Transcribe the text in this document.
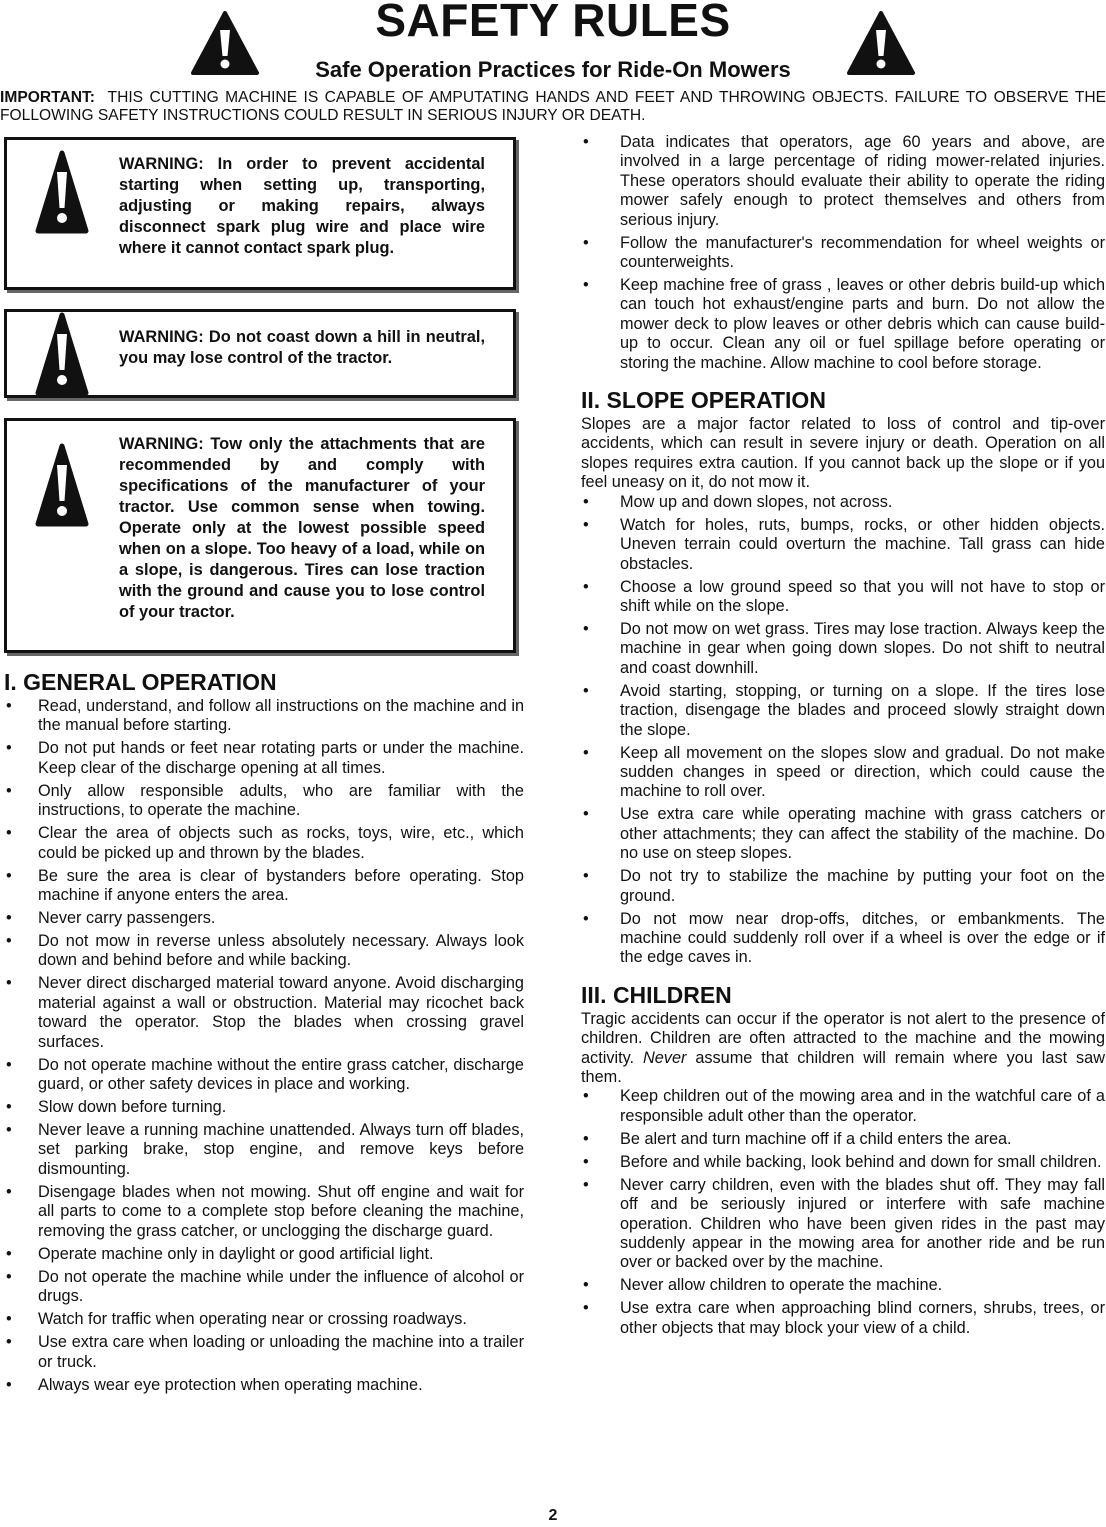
SAFETY RULES
Safe Operation Practices for Ride-On Mowers
IMPORTANT: THIS CUTTING MACHINE IS CAPABLE OF AMPUTATING HANDS AND FEET AND THROWING OBJECTS. FAILURE TO OBSERVE THE FOLLOWING SAFETY INSTRUCTIONS COULD RESULT IN SERIOUS INJURY OR DEATH.
WARNING: In order to prevent accidental starting when setting up, transporting, adjusting or making repairs, always disconnect spark plug wire and place wire where it cannot contact spark plug.
WARNING: Do not coast down a hill in neutral, you may lose control of the tractor.
WARNING: Tow only the attachments that are recommended by and comply with specifications of the manufacturer of your tractor. Use common sense when towing. Operate only at the lowest possible speed when on a slope. Too heavy of a load, while on a slope, is dangerous. Tires can lose traction with the ground and cause you to lose control of your tractor.
I. GENERAL OPERATION
• Read, understand, and follow all instructions on the machine and in the manual before starting.
• Do not put hands or feet near rotating parts or under the machine. Keep clear of the discharge opening at all times.
• Only allow responsible adults, who are familiar with the instructions, to operate the machine.
• Clear the area of objects such as rocks, toys, wire, etc., which could be picked up and thrown by the blades.
• Be sure the area is clear of bystanders before operating. Stop machine if anyone enters the area.
• Never carry passengers.
• Do not mow in reverse unless absolutely necessary. Always look down and behind before and while backing.
• Never direct discharged material toward anyone. Avoid discharging material against a wall or obstruction. Material may ricochet back toward the operator. Stop the blades when crossing gravel surfaces.
• Do not operate machine without the entire grass catcher, discharge guard, or other safety devices in place and working.
• Slow down before turning.
• Never leave a running machine unattended. Always turn off blades, set parking brake, stop engine, and remove keys before dismounting.
• Disengage blades when not mowing. Shut off engine and wait for all parts to come to a complete stop before cleaning the machine, removing the grass catcher, or unclogging the discharge guard.
• Operate machine only in daylight or good artificial light.
• Do not operate the machine while under the influence of alcohol or drugs.
• Watch for traffic when operating near or crossing roadways.
• Use extra care when loading or unloading the machine into a trailer or truck.
• Always wear eye protection when operating machine.
• Data indicates that operators, age 60 years and above, are involved in a large percentage of riding mower-related injuries. These operators should evaluate their ability to operate the riding mower safely enough to protect themselves and others from serious injury.
• Follow the manufacturer's recommendation for wheel weights or counterweights.
• Keep machine free of grass , leaves or other debris build-up which can touch hot exhaust/engine parts and burn. Do not allow the mower deck to plow leaves or other debris which can cause build-up to occur. Clean any oil or fuel spillage before operating or storing the machine. Allow machine to cool before storage.
II. SLOPE OPERATION
Slopes are a major factor related to loss of control and tip-over accidents, which can result in severe injury or death. Operation on all slopes requires extra caution. If you cannot back up the slope or if you feel uneasy on it, do not mow it.
• Mow up and down slopes, not across.
• Watch for holes, ruts, bumps, rocks, or other hidden objects. Uneven terrain could overturn the machine. Tall grass can hide obstacles.
• Choose a low ground speed so that you will not have to stop or shift while on the slope.
• Do not mow on wet grass. Tires may lose traction. Always keep the machine in gear when going down slopes. Do not shift to neutral and coast downhill.
• Avoid starting, stopping, or turning on a slope. If the tires lose traction, disengage the blades and proceed slowly straight down the slope.
• Keep all movement on the slopes slow and gradual. Do not make sudden changes in speed or direction, which could cause the machine to roll over.
• Use extra care while operating machine with grass catchers or other attachments; they can affect the stability of the machine. Do no use on steep slopes.
• Do not try to stabilize the machine by putting your foot on the ground.
• Do not mow near drop-offs, ditches, or embankments. The machine could suddenly roll over if a wheel is over the edge or if the edge caves in.
III. CHILDREN
Tragic accidents can occur if the operator is not alert to the presence of children. Children are often attracted to the machine and the mowing activity. Never assume that children will remain where you last saw them.
• Keep children out of the mowing area and in the watchful care of a responsible adult other than the operator.
• Be alert and turn machine off if a child enters the area.
• Before and while backing, look behind and down for small children.
• Never carry children, even with the blades shut off. They may fall off and be seriously injured or interfere with safe machine operation. Children who have been given rides in the past may suddenly appear in the mowing area for another ride and be run over or backed over by the machine.
• Never allow children to operate the machine.
• Use extra care when approaching blind corners, shrubs, trees, or other objects that may block your view of a child.
2
